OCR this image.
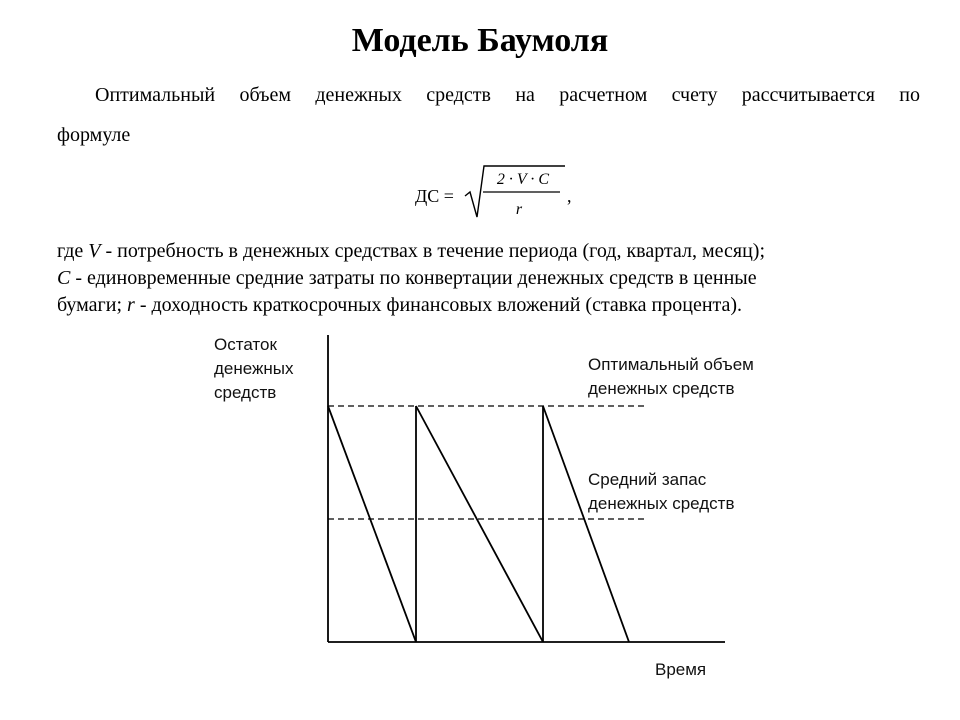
Модель Баумоля
Оптимальный объем денежных средств на расчетном счету рассчитывается по
формуле
ДС =
2 · V · C
r
,

где V - потребность в денежных средствах в течение периода (год, квартал, месяц);

C - единовременные средние затраты по конвертации денежных средств в ценные

бумаги; r - доходность краткосрочных финансовых вложений (ставка процента).

Остаток
денежных
средств
Оптимальный объем
денежных средств
Средний запас
денежных средств
Время
